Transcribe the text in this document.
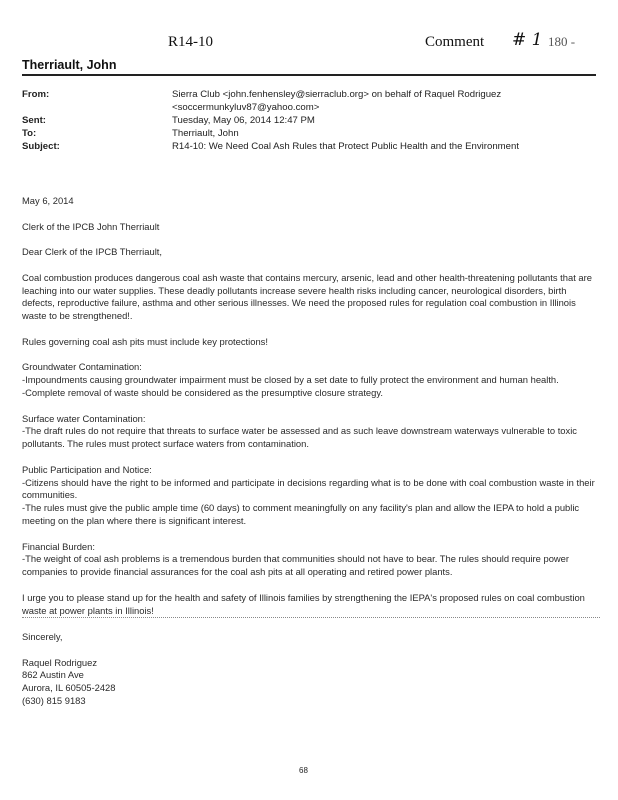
R14-10	Comment # 1 180 -
Therriault, John
From:	Sierra Club <john.fenhensley@sierraclub.org> on behalf of Raquel Rodriguez
<soccermunkyluv87@yahoo.com>
Sent:	Tuesday, May 06, 2014 12:47 PM
To:	Therriault, John
Subject:	R14-10: We Need Coal Ash Rules that Protect Public Health and the Environment

May 6, 2014

Clerk of the IPCB John Therriault

Dear Clerk of the IPCB Therriault,

Coal combustion produces dangerous coal ash waste that contains mercury, arsenic, lead and other health-threatening pollutants that are leaching into our water supplies. These deadly pollutants increase severe health risks including cancer, neurological disorders, birth defects, reproductive failure, asthma and other serious illnesses. We need the proposed rules for regulation coal combustion in Illinois waste to be strengthened!.

Rules governing coal ash pits must include key protections!

Groundwater Contamination:

-Impoundments causing groundwater impairment must be closed by a set date to fully protect the environment and human health.

-Complete removal of waste should be considered as the presumptive closure strategy.

Surface water Contamination:

-The draft rules do not require that threats to surface water be assessed and as such leave downstream waterways vulnerable to toxic pollutants. The rules must protect surface waters from contamination.

Public Participation and Notice:

-Citizens should have the right to be informed and participate in decisions regarding what is to be done with coal combustion waste in their communities.

-The rules must give the public ample time (60 days) to comment meaningfully on any facility's plan and allow the IEPA to hold a public meeting on the plan where there is significant interest.

Financial Burden:

-The weight of coal ash problems is a tremendous burden that communities should not have to bear. The rules should require power companies to provide financial assurances for the coal ash pits at all operating and retired power plants.

I urge you to please stand up for the health and safety of Illinois families by strengthening the IEPA's proposed rules on coal combustion waste at power plants in Illinois!

Sincerely,

Raquel Rodriguez

862 Austin Ave

Aurora, IL 60505-2428

(630) 815 9183

68
